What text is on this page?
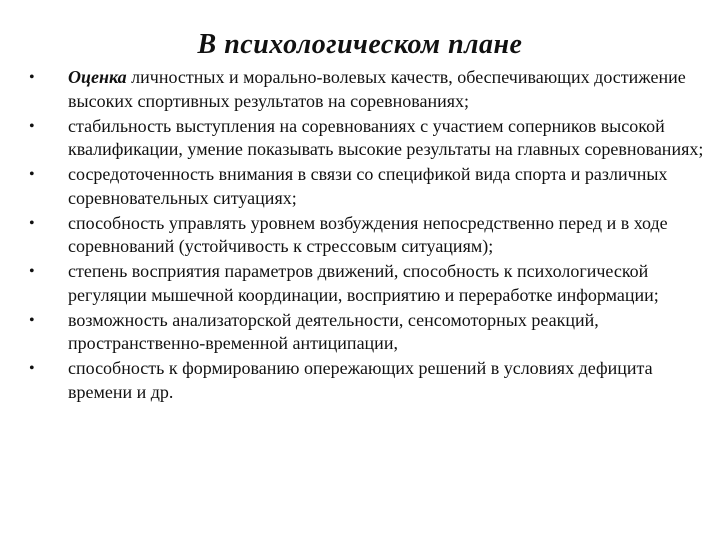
В психологическом плане
• Оценка личностных и морально-волевых качеств, обеспечивающих достижение высоких спортивных результатов на соревнованиях;
• стабильность выступления на соревнованиях с участием соперников высокой квалификации, умение показывать высокие результаты на главных соревнованиях;
• сосредоточенность внимания в связи со спецификой вида спорта и различных соревновательных ситуациях;
• способность управлять уровнем возбуждения непосредственно перед и в ходе соревнований (устойчивость к стрессовым ситуациям);
• степень восприятия параметров движений, способность к психологической регуляции мышечной координации, восприятию и переработке информации;
• возможность анализаторской деятельности, сенсомоторных реакций, пространственно-временной антиципации,
• способность к формированию опережающих решений в условиях дефицита времени и др.
